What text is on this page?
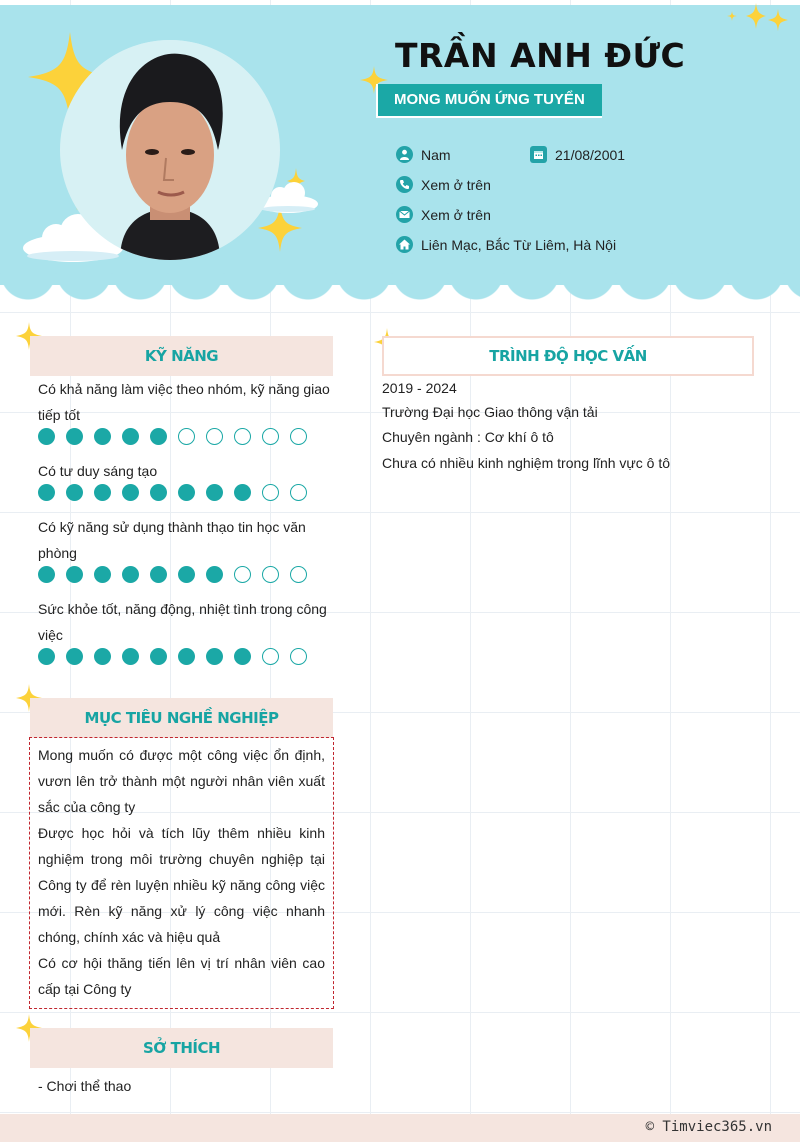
TRẦN ANH ĐỨC
MONG MUỐN ỨNG TUYỂN
Nam	21/08/2001
Xem ở trên
Xem ở trên
Liên Mạc, Bắc Từ Liêm, Hà Nội
KỸ NĂNG
Có khả năng làm việc theo nhóm, kỹ năng giao tiếp tốt
Có tư duy sáng tạo
Có kỹ năng sử dụng thành thạo tin học văn phòng
Sức khỏe tốt, năng động, nhiệt tình trong công việc
MỤC TIÊU NGHỀ NGHIỆP

Mong muốn có được một công việc ổn định, vươn lên trở thành một người nhân viên xuất sắc của công ty

Được học hỏi và tích lũy thêm nhiều kinh nghiệm trong môi trường chuyên nghiệp tại Công ty để rèn luyện nhiều kỹ năng công việc mới. Rèn kỹ năng xử lý công việc nhanh chóng, chính xác và hiệu quả

Có cơ hội thăng tiến lên vị trí nhân viên cao cấp tại Công ty

SỞ THÍCH
- Chơi thể thao
TRÌNH ĐỘ HỌC VẤN
2019 - 2024
Trường Đại học Giao thông vận tải
Chuyên ngành : Cơ khí ô tô
Chưa có nhiều kinh nghiệm trong lĩnh vực ô tô
© Timviec365.vn
